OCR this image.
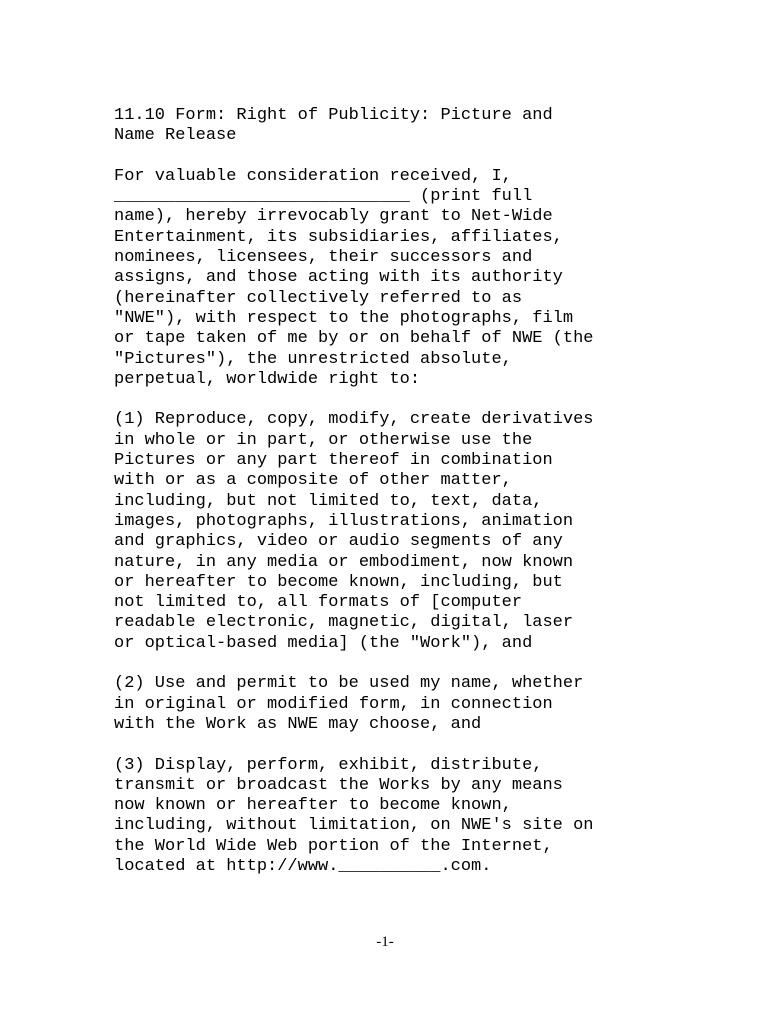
11.10 Form: Right of Publicity: Picture and
Name Release

For valuable consideration received, I,
_____________________________ (print full
name), hereby irrevocably grant to Net-Wide
Entertainment, its subsidiaries, affiliates,
nominees, licensees, their successors and
assigns, and those acting with its authority
(hereinafter collectively referred to as
"NWE"), with respect to the photographs, film
or tape taken of me by or on behalf of NWE (the
"Pictures"), the unrestricted absolute,
perpetual, worldwide right to:

(1) Reproduce, copy, modify, create derivatives
in whole or in part, or otherwise use the
Pictures or any part thereof in combination
with or as a composite of other matter,
including, but not limited to, text, data,
images, photographs, illustrations, animation
and graphics, video or audio segments of any
nature, in any media or embodiment, now known
or hereafter to become known, including, but
not limited to, all formats of [computer
readable electronic, magnetic, digital, laser
or optical-based media] (the "Work"), and

(2) Use and permit to be used my name, whether
in original or modified form, in connection
with the Work as NWE may choose, and

(3) Display, perform, exhibit, distribute,
transmit or broadcast the Works by any means
now known or hereafter to become known,
including, without limitation, on NWE's site on
the World Wide Web portion of the Internet,
located at http://www.__________.com.

-1-
